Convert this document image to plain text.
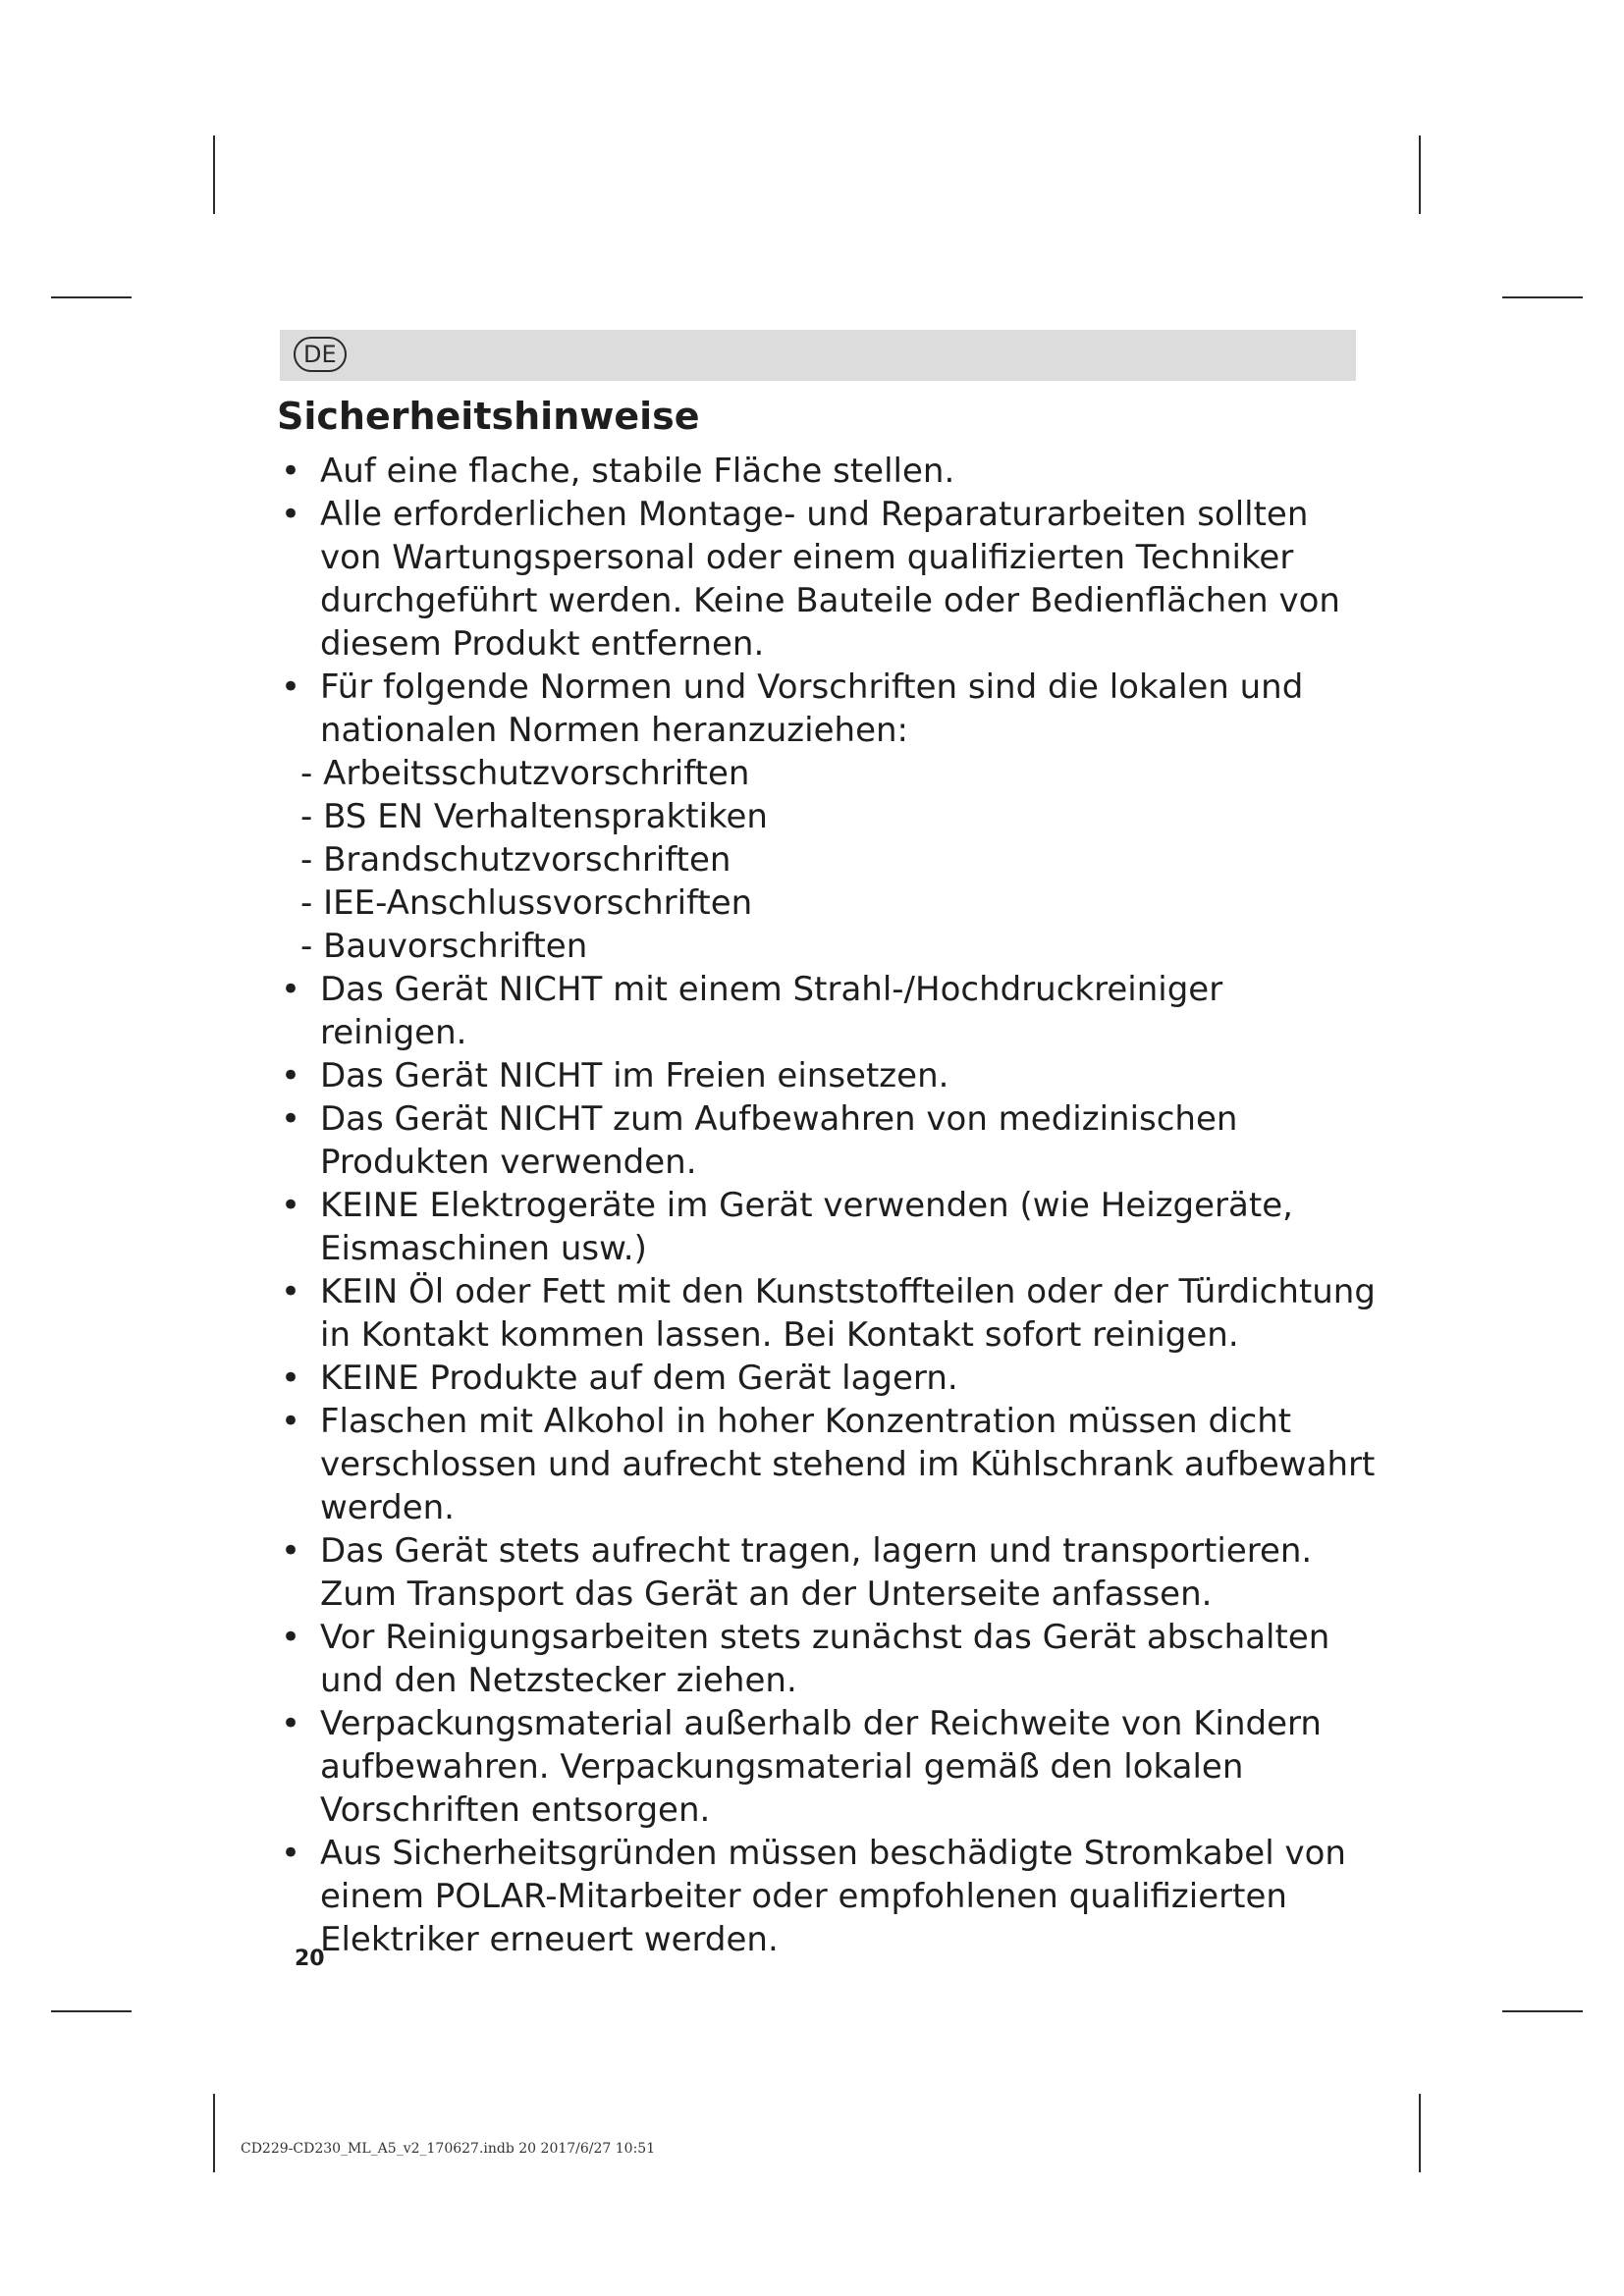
DE
Sicherheitshinweise
• Auf eine flache, stabile Fläche stellen.
• Alle erforderlichen Montage- und Reparaturarbeiten sollten von Wartungspersonal oder einem qualifizierten Techniker durchgeführt werden. Keine Bauteile oder Bedienflächen von diesem Produkt entfernen.
• Für folgende Normen und Vorschriften sind die lokalen und nationalen Normen heranzuziehen:
- Arbeitsschutzvorschriften
- BS EN Verhaltenspraktiken
- Brandschutzvorschriften
- IEE-Anschlussvorschriften
- Bauvorschriften
• Das Gerät NICHT mit einem Strahl-/Hochdruckreiniger reinigen.
• Das Gerät NICHT im Freien einsetzen.
• Das Gerät NICHT zum Aufbewahren von medizinischen Produkten verwenden.
• KEINE Elektrogeräte im Gerät verwenden (wie Heizgeräte, Eismaschinen usw.)
• KEIN Öl oder Fett mit den Kunststoffteilen oder der Türdichtung in Kontakt kommen lassen. Bei Kontakt sofort reinigen.
• KEINE Produkte auf dem Gerät lagern.
• Flaschen mit Alkohol in hoher Konzentration müssen dicht verschlossen und aufrecht stehend im Kühlschrank aufbewahrt werden.
• Das Gerät stets aufrecht tragen, lagern und transportieren. Zum Transport das Gerät an der Unterseite anfassen.
• Vor Reinigungsarbeiten stets zunächst das Gerät abschalten und den Netzstecker ziehen.
• Verpackungsmaterial außerhalb der Reichweite von Kindern aufbewahren. Verpackungsmaterial gemäß den lokalen Vorschriften entsorgen.
• Aus Sicherheitsgründen müssen beschädigte Stromkabel von einem POLAR-Mitarbeiter oder empfohlenen qualifizierten Elektriker erneuert werden.
20
CD229-CD230_ML_A5_v2_170627.indb 20 2017/6/27 10:51
